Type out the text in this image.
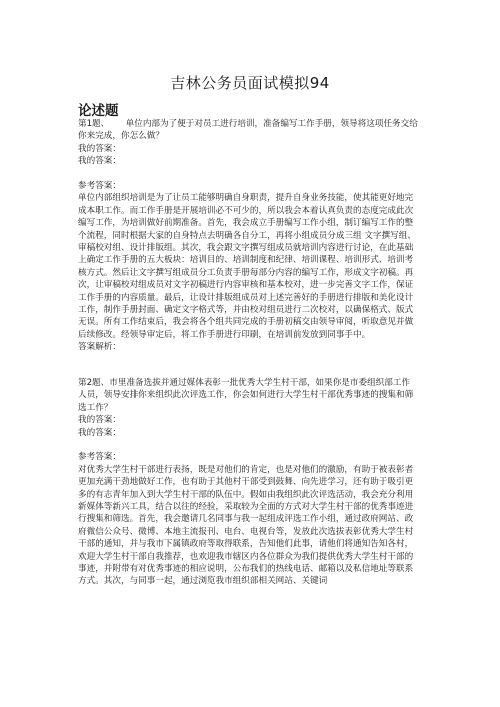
吉林公务员面试模拟94
论述题

第1题、 单位内部为了便于对员工进行培训，准备编写工作手册，领导将这项任务交给你来完成，你怎么做？

我的答案：

我的答案：

参考答案：

单位内部组织培训是为了让员工能够明确自身职责，提升自身业务技能，使其能更好地完成本职工作。而工作手册是开展培训必不可少的，所以我会本着认真负责的态度完成此次编写工作，为培训做好前期准备。首先，我会成立手册编写工作小组，制订编写工作的整个流程，同时根据大家的自身特点去明确各自分工，再将小组成员分成三组 文字撰写组、审稿校对组、设计排版组。其次，我会跟文字撰写组成员就培训内容进行讨论，在此基础上确定工作手册的五大板块：培训目的、培训制度和纪律、培训课程、培训形式、培训考核方式。然后让文字撰写组成员分工负责手册每部分内容的编写工作，形成文字初稿。再次，让审稿校对组成员对文字初稿进行内容审核和基本校对，进一步完善文字工作，保证工作手册的内容质量。最后，让设计排版组成员对上述完善好的手册进行排版和美化设计工作，制作手册封面、确定文字格式等，并由校对组员进行二次校对，以确保格式、版式无误。所有工作结束后，我会将各个组共同完成的手册初稿交由领导审阅，听取意见并做后续修改。经领导审定后，将工作手册进行印刷，在培训前发放到同事手中。

答案解析：

第2题、市里准备选拔并通过媒体表彰一批优秀大学生村干部，如果你是市委组织部工作人员，领导安排你来组织此次评选工作，你会如何进行大学生村干部优秀事迹的搜集和筛选工作？

我的答案：

我的答案：

参考答案：

对优秀大学生村干部进行表扬，既是对他们的肯定，也是对他们的激励，有助于被表彰者更加充满干劲地做好工作，也有助于其他村干部受到鼓舞、向先进学习，还有助于吸引更多的有志青年加入到大学生村干部的队伍中。假如由我组织此次评选活动，我会充分利用新媒体等新兴工具，结合以往的经验，采取较为全面的方式对大学生村干部的优秀事迹进行搜集和筛选。首先，我会邀请几名同事与我一起组成评选工作小组，通过政府网站、政府微信公众号、微博、本地主流报刊、电台、电视台等，发放此次选拔表彰优秀大学生村干部的通知，并与我市下属镇政府等取得联系，告知他们此事，请他们将通知告知各村，欢迎大学生村干部自我推荐，也欢迎我市辖区内各位群众为我们提供优秀大学生村干部的事迹，并附带有对优秀事迹的相应说明，公布我们的热线电话、邮箱以及私信地址等联系方式。其次，与同事一起，通过浏览我市组织部相关网站、关键词
